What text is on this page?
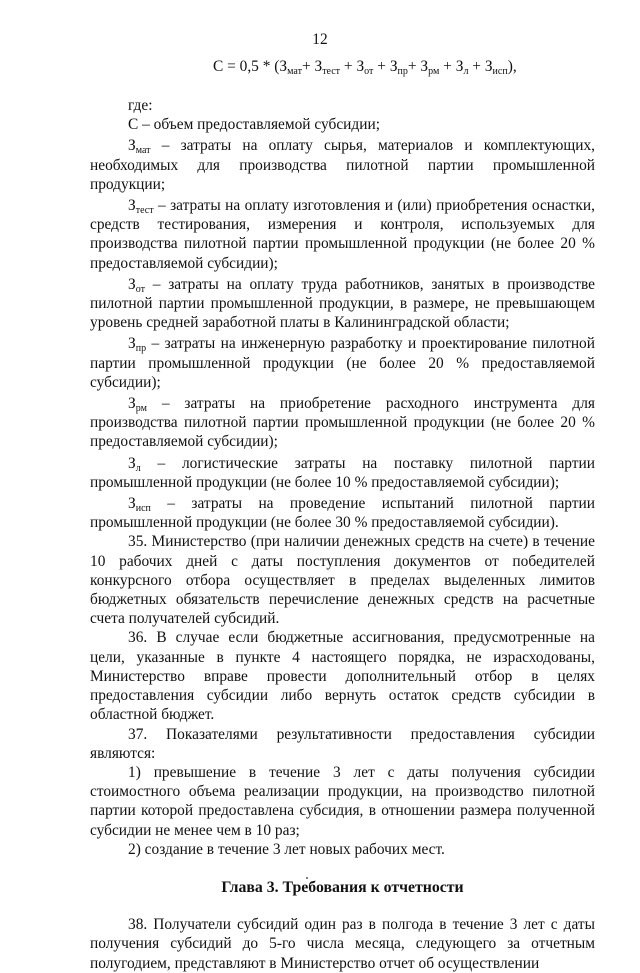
12
$С = 0,5 * (З_{мат}+ З_{тест} + З_{от} + З_{пр}+ З_{рм} + З_л + З_{исп})$,

где:

С – объем предоставляемой субсидии;

$З_{мат}$ – затраты на оплату сырья, материалов и комплектующих, необходимых для производства пилотной партии промышленной продукции;

$З_{тест}$ – затраты на оплату изготовления и (или) приобретения оснастки, средств тестирования, измерения и контроля, используемых для производства пилотной партии промышленной продукции (не более 20 % предоставляемой субсидии);

$З_{от}$ – затраты на оплату труда работников, занятых в производстве пилотной партии промышленной продукции, в размере, не превышающем уровень средней заработной платы в Калининградской области;

$З_{пр}$ – затраты на инженерную разработку и проектирование пилотной партии промышленной продукции (не более 20 % предоставляемой субсидии);

$З_{рм}$ – затраты на приобретение расходного инструмента для производства пилотной партии промышленной продукции (не более 20 % предоставляемой субсидии);

$З_л$ – логистические затраты на поставку пилотной партии промышленной продукции (не более 10 % предоставляемой субсидии);

$З_{исп}$ – затраты на проведение испытаний пилотной партии промышленной продукции (не более 30 % предоставляемой субсидии).

35. Министерство (при наличии денежных средств на счете) в течение 10 рабочих дней с даты поступления документов от победителей конкурсного отбора осуществляет в пределах выделенных лимитов бюджетных обязательств перечисление денежных средств на расчетные счета получателей субсидий.

36. В случае если бюджетные ассигнования, предусмотренные на цели, указанные в пункте 4 настоящего порядка, не израсходованы, Министерство вправе провести дополнительный отбор в целях предоставления субсидии либо вернуть остаток средств субсидии в областной бюджет.

37. Показателями результативности предоставления субсидии являются:

1) превышение в течение 3 лет с даты получения субсидии стоимостного объема реализации продукции, на производство пилотной партии которой предоставлена субсидия, в отношении размера полученной субсидии не менее чем в 10 раз;

2) создание в течение 3 лет новых рабочих мест.

Глава 3. Требования к отчетности

38. Получатели субсидий один раз в полгода в течение 3 лет с даты получения субсидий до 5-го числа месяца, следующего за отчетным полугодием, представляют в Министерство отчет об осуществлении
